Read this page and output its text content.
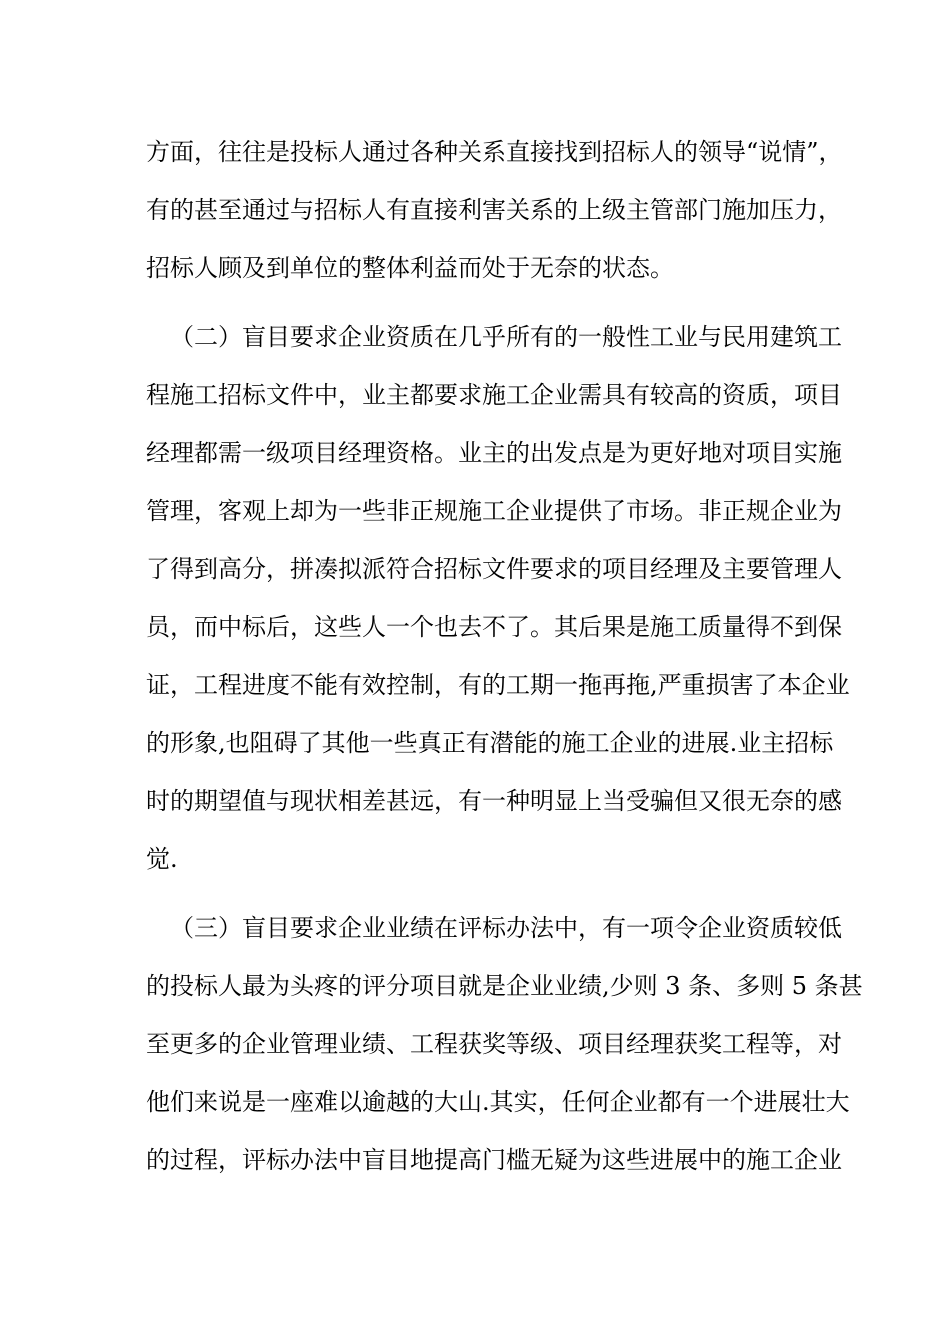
方面，往往是投标人通过各种关系直接找到招标人的领导“说情”，
有的甚至通过与招标人有直接利害关系的上级主管部门施加压力，
招标人顾及到单位的整体利益而处于无奈的状态。
（二）盲目要求企业资质在几乎所有的一般性工业与民用建筑工
程施工招标文件中，业主都要求施工企业需具有较高的资质，项目
经理都需一级项目经理资格。业主的出发点是为更好地对项目实施
管理，客观上却为一些非正规施工企业提供了市场。非正规企业为
了得到高分，拼凑拟派符合招标文件要求的项目经理及主要管理人
员，而中标后，这些人一个也去不了。其后果是施工质量得不到保
证，工程进度不能有效控制，有的工期一拖再拖,严重损害了本企业
的形象,也阻碍了其他一些真正有潜能的施工企业的进展.业主招标
时的期望值与现状相差甚远，有一种明显上当受骗但又很无奈的感
觉.
（三）盲目要求企业业绩在评标办法中，有一项令企业资质较低
的投标人最为头疼的评分项目就是企业业绩,少则 3 条、多则 5 条甚
至更多的企业管理业绩、工程获奖等级、项目经理获奖工程等，对
他们来说是一座难以逾越的大山.其实，任何企业都有一个进展壮大
的过程，评标办法中盲目地提高门槛无疑为这些进展中的施工企业
